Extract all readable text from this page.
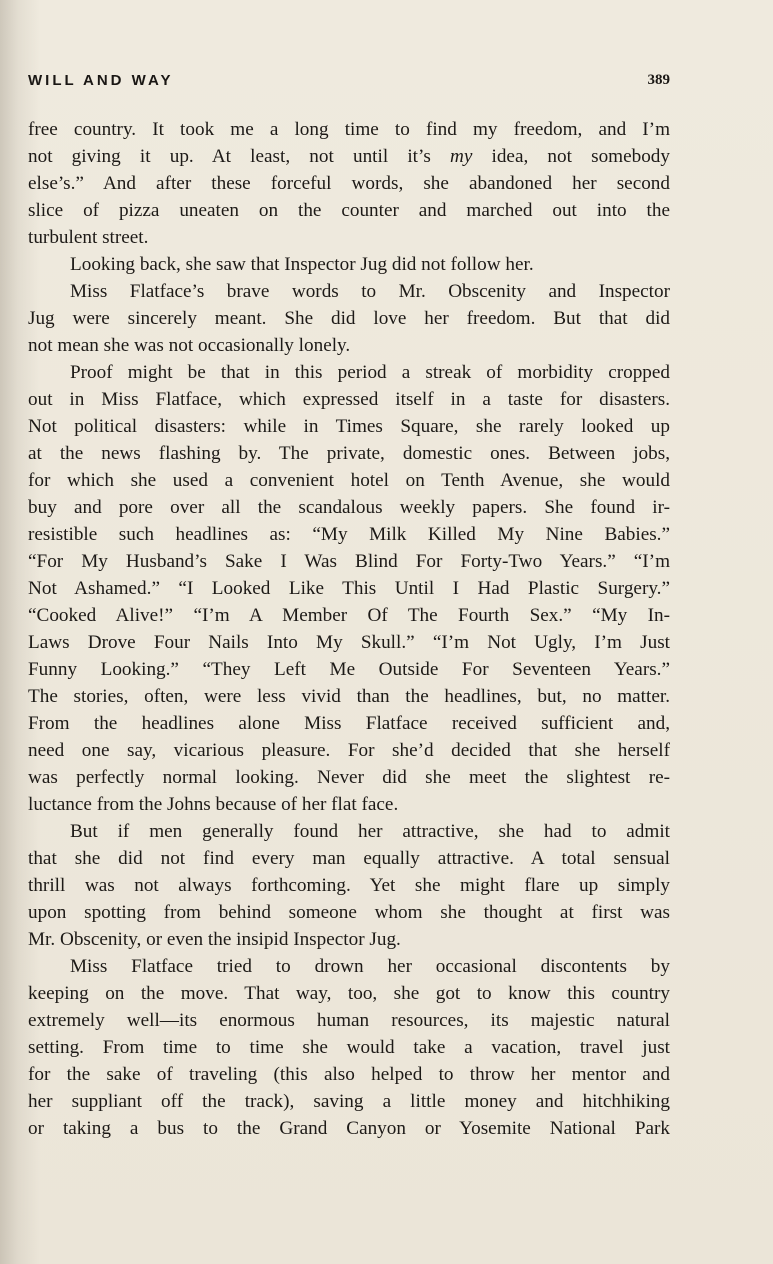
WILL AND WAY	389
free country. It took me a long time to find my freedom, and I’m
not giving it up. At least, not until it’s my idea, not somebody
else’s.” And after these forceful words, she abandoned her second
slice of pizza uneaten on the counter and marched out into the
turbulent street.
Looking back, she saw that Inspector Jug did not follow her.
Miss Flatface’s brave words to Mr. Obscenity and Inspector
Jug were sincerely meant. She did love her freedom. But that did
not mean she was not occasionally lonely.
Proof might be that in this period a streak of morbidity cropped
out in Miss Flatface, which expressed itself in a taste for disasters.
Not political disasters: while in Times Square, she rarely looked up
at the news flashing by. The private, domestic ones. Between jobs,
for which she used a convenient hotel on Tenth Avenue, she would
buy and pore over all the scandalous weekly papers. She found ir-
resistible such headlines as: “My Milk Killed My Nine Babies.”
“For My Husband’s Sake I Was Blind For Forty-Two Years.” “I’m
Not Ashamed.” “I Looked Like This Until I Had Plastic Surgery.”
“Cooked Alive!” “I’m A Member Of The Fourth Sex.” “My In-
Laws Drove Four Nails Into My Skull.” “I’m Not Ugly, I’m Just
Funny Looking.” “They Left Me Outside For Seventeen Years.”
The stories, often, were less vivid than the headlines, but, no matter.
From the headlines alone Miss Flatface received sufficient and,
need one say, vicarious pleasure. For she’d decided that she herself
was perfectly normal looking. Never did she meet the slightest re-
luctance from the Johns because of her flat face.
But if men generally found her attractive, she had to admit
that she did not find every man equally attractive. A total sensual
thrill was not always forthcoming. Yet she might flare up simply
upon spotting from behind someone whom she thought at first was
Mr. Obscenity, or even the insipid Inspector Jug.
Miss Flatface tried to drown her occasional discontents by
keeping on the move. That way, too, she got to know this country
extremely well—its enormous human resources, its majestic natural
setting. From time to time she would take a vacation, travel just
for the sake of traveling (this also helped to throw her mentor and
her suppliant off the track), saving a little money and hitchhiking
or taking a bus to the Grand Canyon or Yosemite National Park
